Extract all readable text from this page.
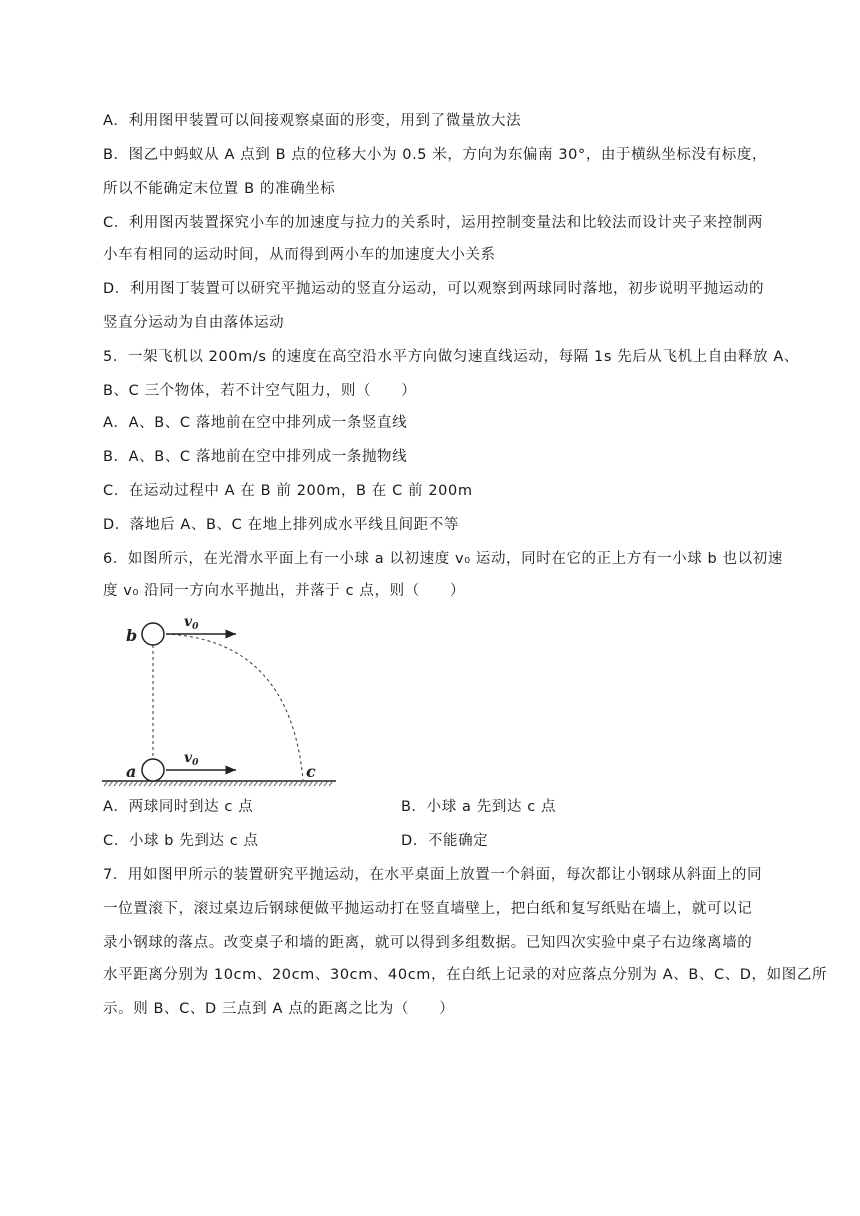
A．利用图甲装置可以间接观察桌面的形变，用到了微量放大法
B．图乙中蚂蚁从 A 点到 B 点的位移大小为 0.5 米，方向为东偏南 30°，由于横纵坐标没有标度，
所以不能确定末位置 B 的准确坐标
C．利用图丙装置探究小车的加速度与拉力的关系时，运用控制变量法和比较法而设计夹子来控制两
小车有相同的运动时间，从而得到两小车的加速度大小关系
D．利用图丁装置可以研究平抛运动的竖直分运动，可以观察到两球同时落地，初步说明平抛运动的
竖直分运动为自由落体运动
5．一架飞机以 200m/s 的速度在高空沿水平方向做匀速直线运动，每隔 1s 先后从飞机上自由释放 A、
B、C 三个物体，若不计空气阻力，则（　　）
A．A、B、C 落地前在空中排列成一条竖直线
B．A、B、C 落地前在空中排列成一条抛物线
C．在运动过程中 A 在 B 前 200m，B 在 C 前 200m
D．落地后 A、B、C 在地上排列成水平线且间距不等
6．如图所示，在光滑水平面上有一小球 a 以初速度 v₀ 运动，同时在它的正上方有一小球 b 也以初速
度 v₀ 沿同一方向水平抛出，并落于 c 点，则（　　）
b
a	c
$v_0$
$v_0$
A．两球同时到达 c 点	B．小球 a 先到达 c 点
C．小球 b 先到达 c 点	D．不能确定
7．用如图甲所示的装置研究平抛运动，在水平桌面上放置一个斜面，每次都让小钢球从斜面上的同
一位置滚下，滚过桌边后钢球便做平抛运动打在竖直墙壁上，把白纸和复写纸贴在墙上，就可以记
录小钢球的落点。改变桌子和墙的距离，就可以得到多组数据。已知四次实验中桌子右边缘离墙的
水平距离分别为 10cm、20cm、30cm、40cm，在白纸上记录的对应落点分别为 A、B、C、D，如图乙所
示。则 B、C、D 三点到 A 点的距离之比为（　　）
